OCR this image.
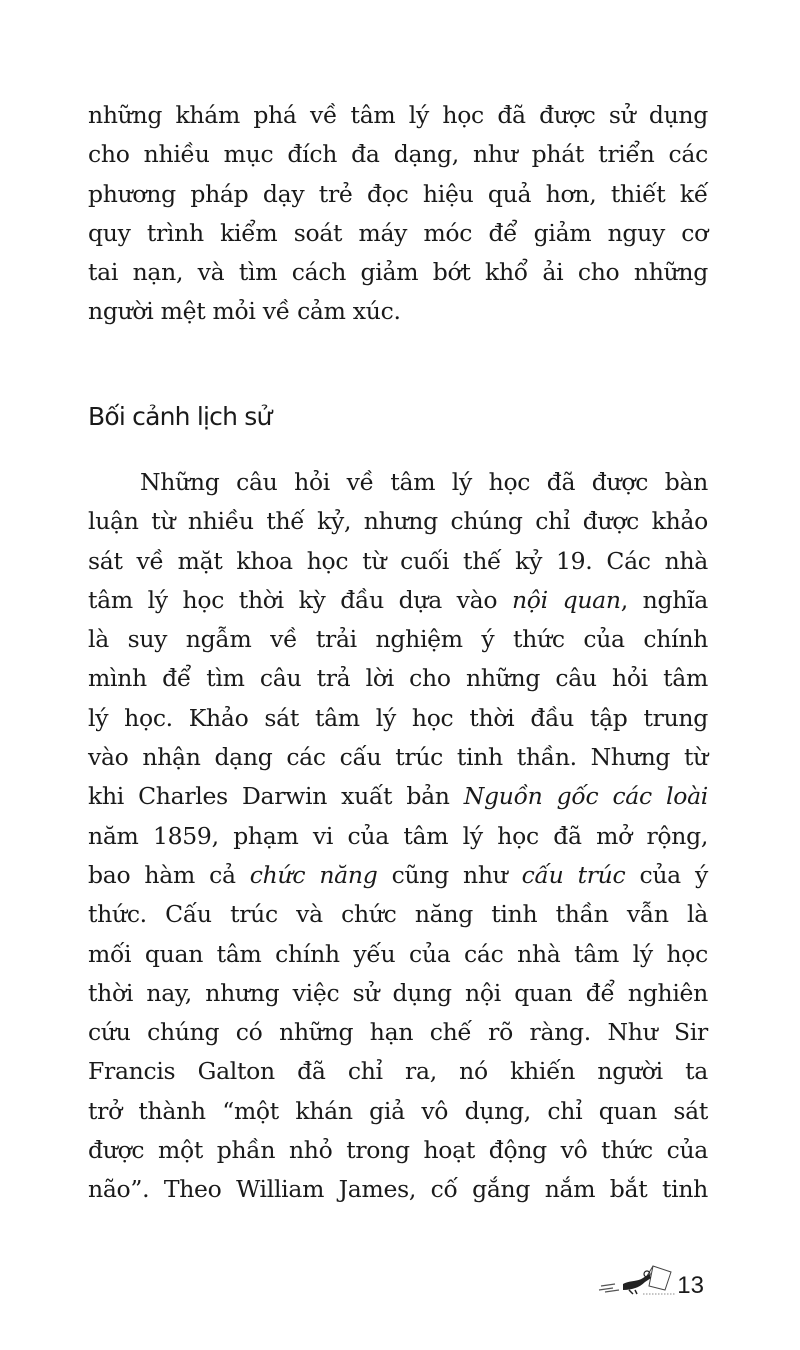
những khám phá về tâm lý học đã được sử dụng
cho nhiều mục đích đa dạng, như phát triển các
phương pháp dạy trẻ đọc hiệu quả hơn, thiết kế
quy trình kiểm soát máy móc để giảm nguy cơ
tai nạn, và tìm cách giảm bớt khổ ải cho những
người mệt mỏi về cảm xúc.

Bối cảnh lịch sử

Những câu hỏi về tâm lý học đã được bàn
luận từ nhiều thế kỷ, nhưng chúng chỉ được khảo
sát về mặt khoa học từ cuối thế kỷ 19. Các nhà
tâm lý học thời kỳ đầu dựa vào nội quan, nghĩa
là suy ngẫm về trải nghiệm ý thức của chính
mình để tìm câu trả lời cho những câu hỏi tâm
lý học. Khảo sát tâm lý học thời đầu tập trung
vào nhận dạng các cấu trúc tinh thần. Nhưng từ
khi Charles Darwin xuất bản Nguồn gốc các loài
năm 1859, phạm vi của tâm lý học đã mở rộng,
bao hàm cả chức năng cũng như cấu trúc của ý
thức. Cấu trúc và chức năng tinh thần vẫn là
mối quan tâm chính yếu của các nhà tâm lý học
thời nay, nhưng việc sử dụng nội quan để nghiên
cứu chúng có những hạn chế rõ ràng. Như Sir
Francis Galton đã chỉ ra, nó khiến người ta
trở thành “một khán giả vô dụng, chỉ quan sát
được một phần nhỏ trong hoạt động vô thức của
não”. Theo William James, cố gắng nắm bắt tinh

13
